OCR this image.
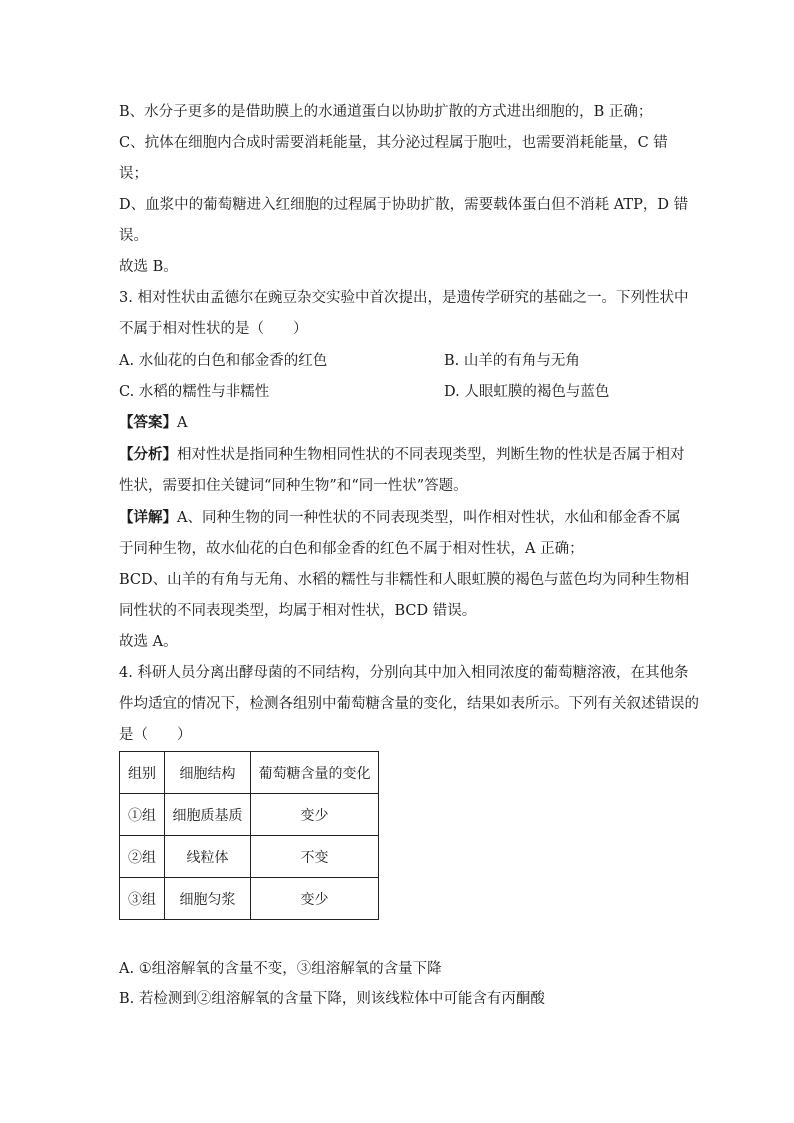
B、水分子更多的是借助膜上的水通道蛋白以协助扩散的方式进出细胞的，B 正确；
C、抗体在细胞内合成时需要消耗能量，其分泌过程属于胞吐，也需要消耗能量，C 错
误；
D、血浆中的葡萄糖进入红细胞的过程属于协助扩散，需要载体蛋白但不消耗 ATP，D 错
误。
故选 B。
3. 相对性状由孟德尔在豌豆杂交实验中首次提出，是遗传学研究的基础之一。下列性状中
不属于相对性状的是（　　）
A. 水仙花的白色和郁金香的红色	B. 山羊的有角与无角
C. 水稻的糯性与非糯性	D. 人眼虹膜的褐色与蓝色
【答案】A
【分析】相对性状是指同种生物相同性状的不同表现类型，判断生物的性状是否属于相对
性状，需要扣住关键词“同种生物”和“同一性状”答题。
【详解】A、同种生物的同一种性状的不同表现类型，叫作相对性状，水仙和郁金香不属
于同种生物，故水仙花的白色和郁金香的红色不属于相对性状，A 正确；
BCD、山羊的有角与无角、水稻的糯性与非糯性和人眼虹膜的褐色与蓝色均为同种生物相
同性状的不同表现类型，均属于相对性状，BCD 错误。
故选 A。
4. 科研人员分离出酵母菌的不同结构，分别向其中加入相同浓度的葡萄糖溶液，在其他条
件均适宜的情况下，检测各组别中葡萄糖含量的变化，结果如表所示。下列有关叙述错误的
是（　　）
组别	细胞结构	葡萄糖含量的变化
①组	细胞质基质	变少
②组	线粒体	不变
③组	细胞匀浆	变少
A. ①组溶解氧的含量不变，③组溶解氧的含量下降
B. 若检测到②组溶解氧的含量下降，则该线粒体中可能含有丙酮酸
